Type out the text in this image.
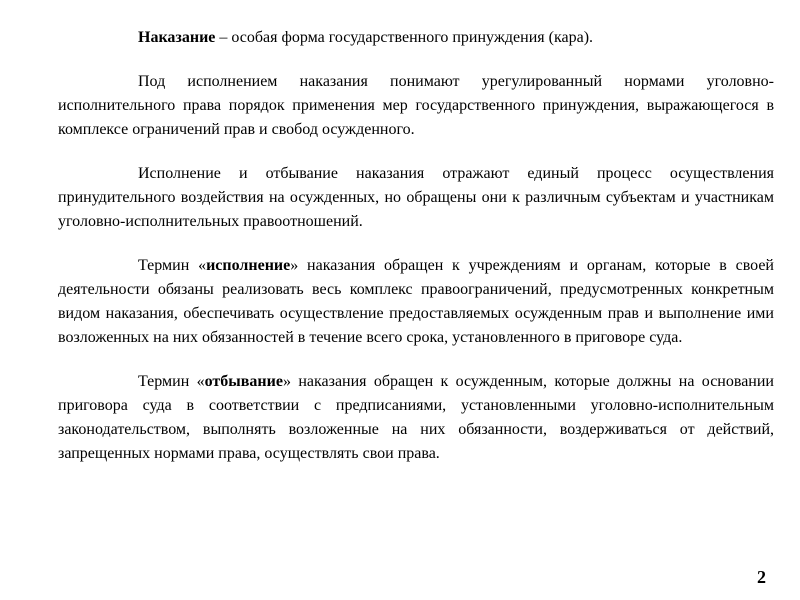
Наказание – особая форма государственного принуждения (кара).

Под исполнением наказания понимают урегулированный нормами уголовно-исполнительного права порядок применения мер государственного принуждения, выражающегося в комплексе ограничений прав и свобод осужденного.

Исполнение и отбывание наказания отражают единый процесс осуществления принудительного воздействия на осужденных, но обращены они к различным субъектам и участникам уголовно-исполнительных правоотношений.

Термин «исполнение» наказания обращен к учреждениям и органам, которые в своей деятельности обязаны реализовать весь комплекс правоограничений, предусмотренных конкретным видом наказания, обеспечивать осуществление предоставляемых осужденным прав и выполнение ими возложенных на них обязанностей в течение всего срока, установленного в приговоре суда.

Термин «отбывание» наказания обращен к осужденным, которые должны на основании приговора суда в соответствии с предписаниями, установленными уголовно-исполнительным законодательством, выполнять возложенные на них обязанности, воздерживаться от действий, запрещенных нормами права, осуществлять свои права.

2
